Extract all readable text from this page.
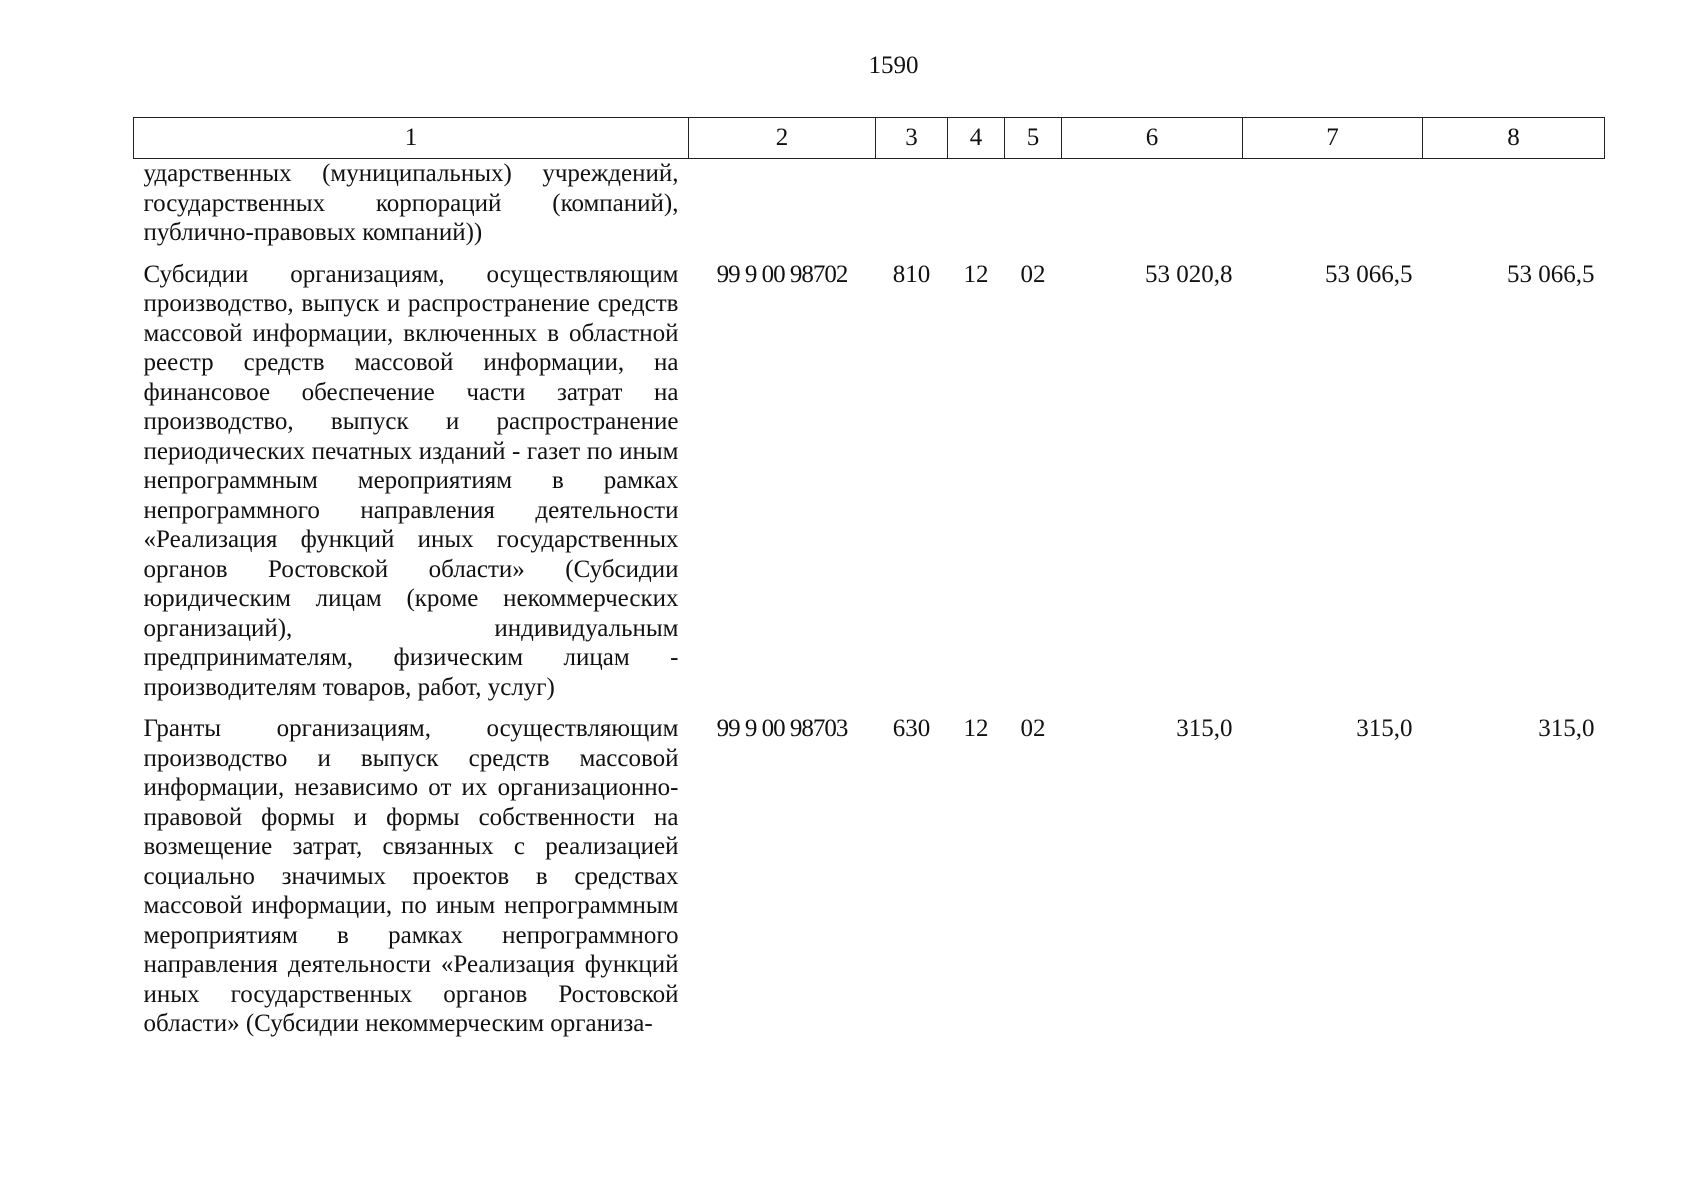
1590
1	2	3	4	5	6	7	8
ударственных (муниципальных) учреждений, государственных корпораций (компаний), публично-правовых компаний))							
Субсидии организациям, осуществляющим производство, выпуск и распространение средств массовой информации, включенных в областной реестр средств массовой информации, на финансовое обеспечение части затрат на производство, выпуск и распространение периодических печатных изданий - газет по иным непрограммным мероприятиям в рамках непрограммного направления деятельности «Реализация функций иных государственных органов Ростовской области» (Субсидии юридическим лицам (кроме некоммерческих организаций), индивидуальным предпринимателям, физическим лицам - производителям товаров, работ, услуг)	99 9 00 98702	810	12	02	53 020,8	53 066,5	53 066,5
Гранты организациям, осуществляющим производство и выпуск средств массовой информации, независимо от их организационно-правовой формы и формы собственности на возмещение затрат, связанных с реализацией социально значимых проектов в средствах массовой информации, по иным непрограммным мероприятиям в рамках непрограммного направления деятельности «Реализация функций иных государственных органов Ростовской области» (Субсидии некоммерческим организа-	99 9 00 98703	630	12	02	315,0	315,0	315,0
